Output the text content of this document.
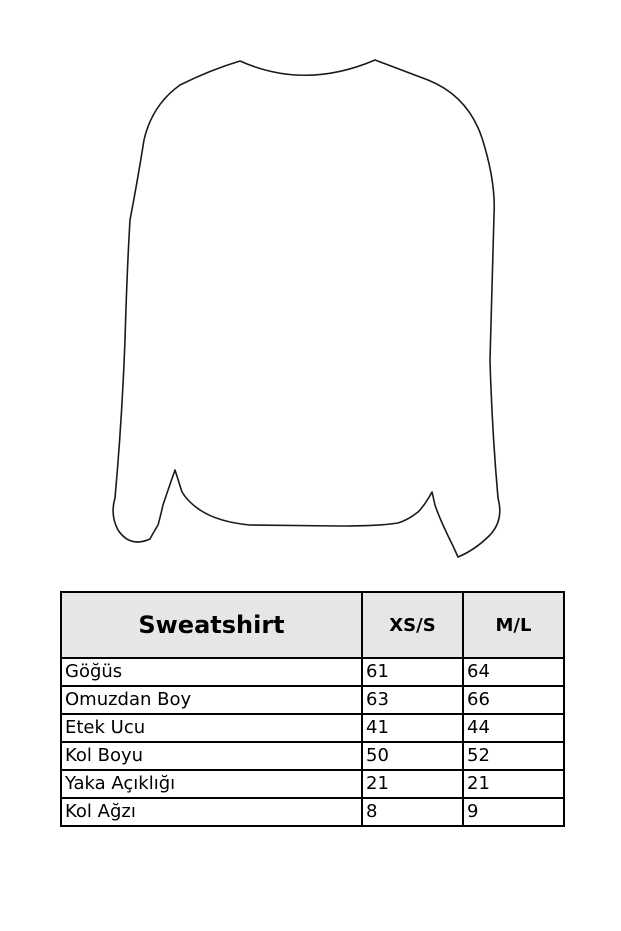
Sweatshirt	XS/S	M/L
Göğüs	61	64
Omuzdan Boy	63	66
Etek Ucu	41	44
Kol Boyu	50	52
Yaka Açıklığı	21	21
Kol Ağzı	8	9
